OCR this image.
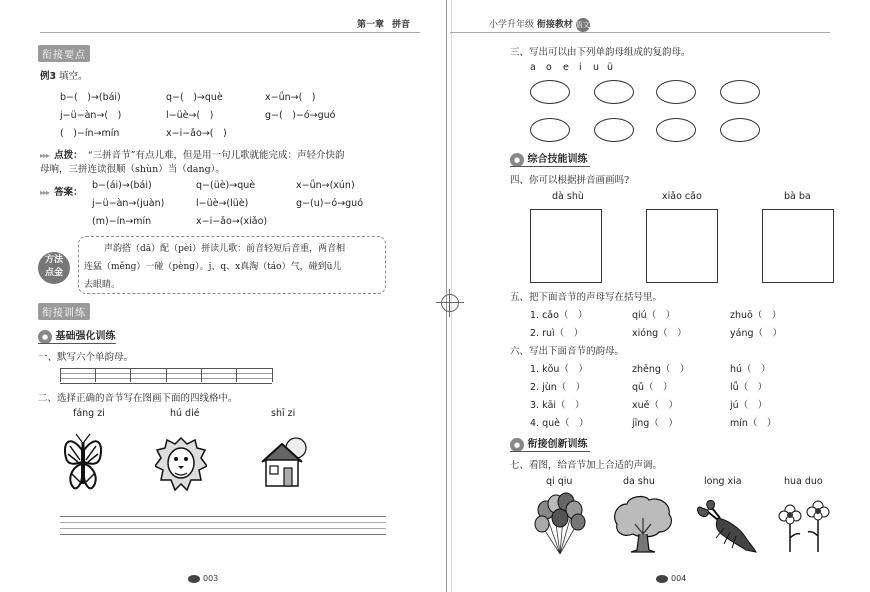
第一章 拼音
衔接要点
例3 填空。
b−(　)→(bái)	q−(　)→què	x−ǘn→(　)
j−ü−àn→(　)	l−üè→(　)	g−(　)−ó→guó
(　)−ín→mín	x−i−ǎo→(　)
▸▸▸ 点拨： “三拼音节”有点儿难，但是用一句儿歌就能完成：声轻介快韵
母响，三拼连读很顺（shùn）当（dang）。
▸▸▸ 答案：
b−(ái)→(bái)	q−(üè)→què	x−ǘn→(xún)
j−ü−àn→(juàn)	l−üè→(lüè)	g−(u)−ó→guó
(m)−ín→mín	x−i−ǎo→(xiǎo)
方法
点金
声韵搭（dā）配（pèi）拼读儿歌：前音轻短后音重，两音相
连猛（měng）一碰（pèng）。j、q、x真淘（táo）气，碰到ü儿
去眼睛。
衔接训练
● 基础强化训练
一、默写六个单韵母。
二、选择正确的音节写在图画下面的四线格中。
fáng zi	hú dié	shī zi
003
小学升年级 衔接教材 语文
三、写出可以由下列单韵母组成的复韵母。
a o e i u ü
● 综合技能训练
四、你可以根据拼音画画吗?
dà shù	xiǎo cǎo	bà ba
五、把下面音节的声母写在括号里。
1. cǎo（　）	qiú（　）	zhuō（　）
2. ruì（　）	xióng（　）	yáng（　）
六、写出下面音节的韵母。
1. kǒu（　）	zhēng（　）	hú（　）
2. jùn（　）	qǔ（　）	lǚ（　）
3. kāi（　）	xuě（　）	jú（　）
4. què（　）	jīng（　）	mín（　）
● 衔接创新训练
七、看图，给音节加上合适的声调。
qi qiu	da shu	long xia	hua duo
004
